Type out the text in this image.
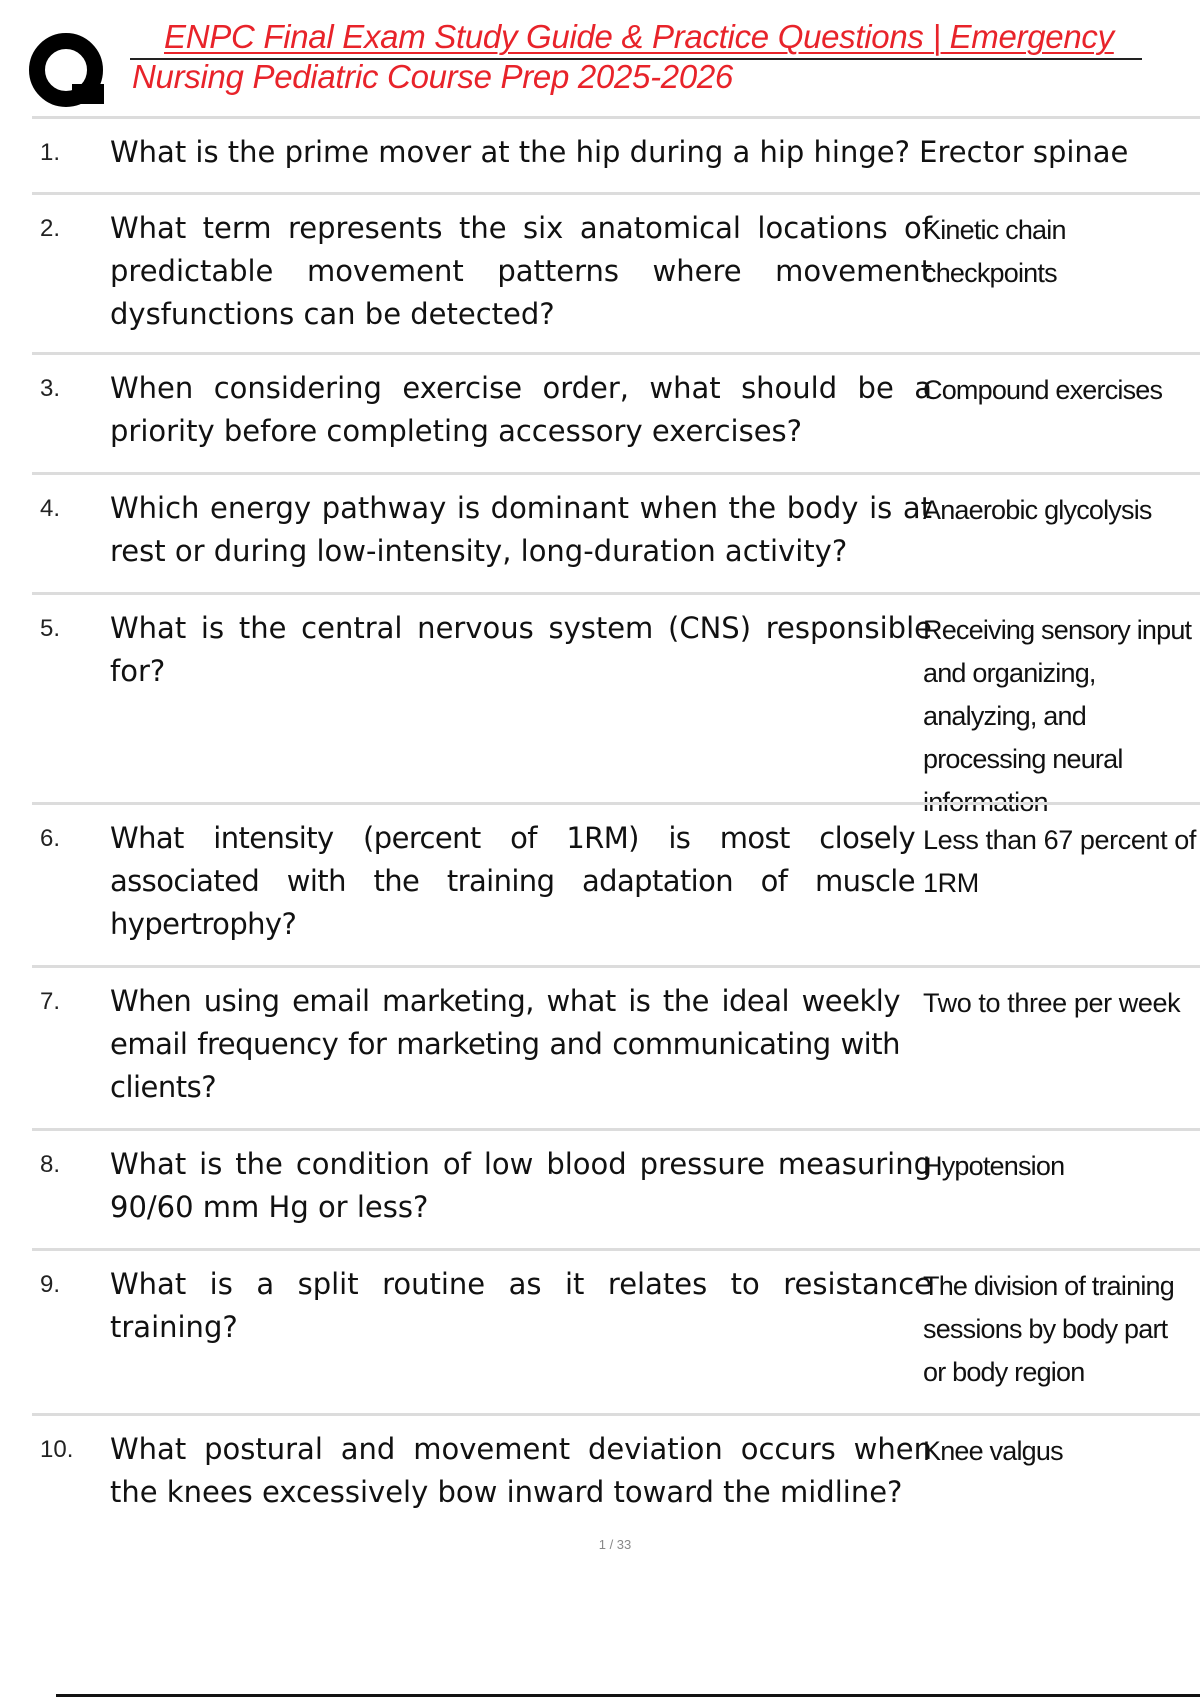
ENPC Final Exam Study Guide & Practice Questions | Emergency
Nursing Pediatric Course Prep 2025-2026
1. What is the prime mover at the hip during a hip hinge? Erector spinae
2. What term represents the six anatomical locations of predictable movement patterns where movement dysfunctions can be detected?
Kinetic chain checkpoints
3. When considering exercise order, what should be a priority before completing accessory exercises?
Compound exercises
4. Which energy pathway is dominant when the body is at rest or during low-intensity, long-duration activity?
Anaerobic glycolysis
5. What is the central nervous system (CNS) responsible for?
Receiving sensory input and organizing, analyzing, and processing neural information
6. What intensity (percent of 1RM) is most closely associated with the training adaptation of muscle hypertrophy?
Less than 67 percent of 1RM
7. When using email marketing, what is the ideal weekly email frequency for marketing and communicating with clients?
Two to three per week
8. What is the condition of low blood pressure measuring 90/60 mm Hg or less?
Hypotension
9. What is a split routine as it relates to resistance training?
The division of training sessions by body part or body region
10. What postural and movement deviation occurs when the knees excessively bow inward toward the midline?
Knee valgus
1 / 33
